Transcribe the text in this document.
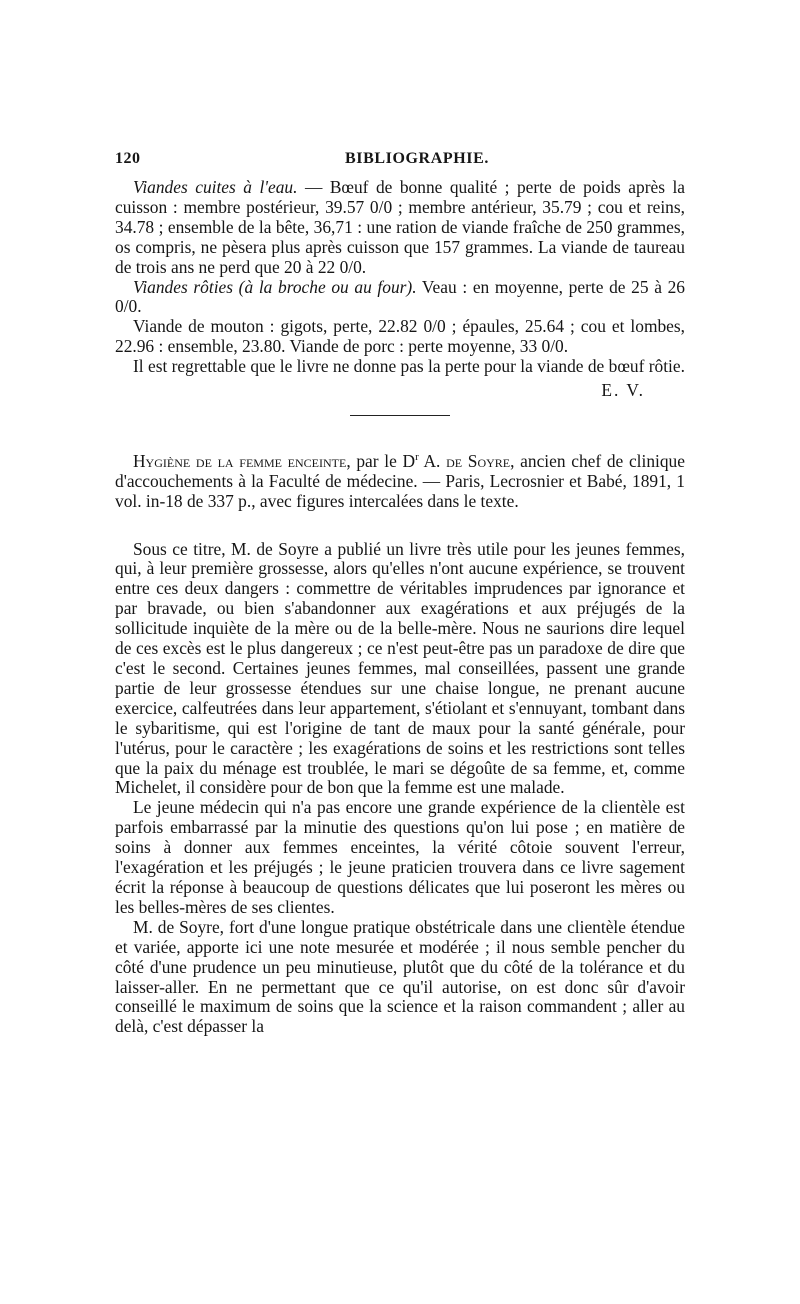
120	BIBLIOGRAPHIE.

Viandes cuites à l'eau. — Bœuf de bonne qualité ; perte de poids après la cuisson : membre postérieur, 39.57 0/0 ; membre antérieur, 35.79 ; cou et reins, 34.78 ; ensemble de la bête, 36,71 : une ration de viande fraîche de 250 grammes, os compris, ne pèsera plus après cuisson que 157 grammes. La viande de taureau de trois ans ne perd que 20 à 22 0/0.

Viandes rôties (à la broche ou au four). Veau : en moyenne, perte de 25 à 26 0/0.

Viande de mouton : gigots, perte, 22.82 0/0 ; épaules, 25.64 ; cou et lombes, 22.96 : ensemble, 23.80. Viande de porc : perte moyenne, 33 0/0.

Il est regrettable que le livre ne donne pas la perte pour la viande de bœuf rôtie.

E. V.

Hygiène de la femme enceinte, par le $D^r$ A. de Soyre, ancien chef de clinique d'accouchements à la Faculté de médecine. — Paris, Lecrosnier et Babé, 1891, 1 vol. in-18 de 337 p., avec figures intercalées dans le texte.

Sous ce titre, M. de Soyre a publié un livre très utile pour les jeunes femmes, qui, à leur première grossesse, alors qu'elles n'ont aucune expérience, se trouvent entre ces deux dangers : commettre de véritables imprudences par ignorance et par bravade, ou bien s'abandonner aux exagérations et aux préjugés de la sollicitude inquiète de la mère ou de la belle-mère. Nous ne saurions dire lequel de ces excès est le plus dangereux ; ce n'est peut-être pas un paradoxe de dire que c'est le second. Certaines jeunes femmes, mal conseillées, passent une grande partie de leur grossesse étendues sur une chaise longue, ne prenant aucune exercice, calfeutrées dans leur appartement, s'étiolant et s'ennuyant, tombant dans le sybaritisme, qui est l'origine de tant de maux pour la santé générale, pour l'utérus, pour le caractère ; les exagérations de soins et les restrictions sont telles que la paix du ménage est troublée, le mari se dégoûte de sa femme, et, comme Michelet, il considère pour de bon que la femme est une malade.

Le jeune médecin qui n'a pas encore une grande expérience de la clientèle est parfois embarrassé par la minutie des questions qu'on lui pose ; en matière de soins à donner aux femmes enceintes, la vérité côtoie souvent l'erreur, l'exagération et les préjugés ; le jeune praticien trouvera dans ce livre sagement écrit la réponse à beaucoup de questions délicates que lui poseront les mères ou les belles-mères de ses clientes.

M. de Soyre, fort d'une longue pratique obstétricale dans une clientèle étendue et variée, apporte ici une note mesurée et modérée ; il nous semble pencher du côté d'une prudence un peu minutieuse, plutôt que du côté de la tolérance et du laisser-aller. En ne permettant que ce qu'il autorise, on est donc sûr d'avoir conseillé le maximum de soins que la science et la raison commandent ; aller au delà, c'est dépasser la
